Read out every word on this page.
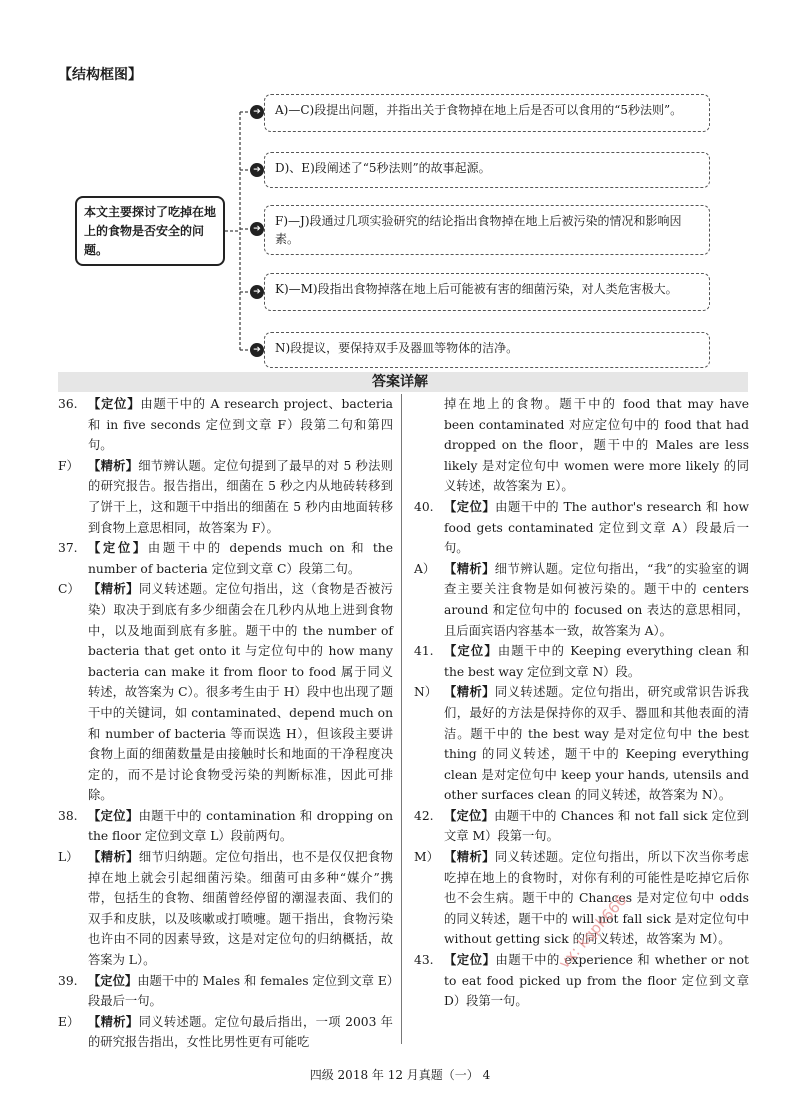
【结构框图】
本文主要探讨了吃掉在地上的食物是否安全的问题。
➔	A)—C)段提出问题，并指出关于食物掉在地上后是否可以食用的“5秒法则”。
➔	D)、E)段阐述了“5秒法则”的故事起源。
➔
F)—J)段通过几项实验研究的结论指出食物掉在地上后被污染的情况和影响因素。
➔	K)—M)段指出食物掉落在地上后可能被有害的细菌污染，对人类危害极大。
➔	N)段提议，要保持双手及器皿等物体的洁净。
答案详解
36. 【定位】由题干中的 A research project、bacteria 和 in five seconds 定位到文章 F）段第二句和第四句。
F） 【精析】细节辨认题。定位句提到了最早的对 5 秒法则的研究报告。报告指出，细菌在 5 秒之内从地砖转移到了饼干上，这和题干中指出的细菌在 5 秒内由地面转移到食物上意思相同，故答案为 F）。
37. 【定位】由题干中的 depends much on 和 the number of bacteria 定位到文章 C）段第二句。
C） 【精析】同义转述题。定位句指出，这（食物是否被污染）取决于到底有多少细菌会在几秒内从地上进到食物中，以及地面到底有多脏。题干中的 the number of bacteria that get onto it 与定位句中的 how many bacteria can make it from floor to food 属于同义转述，故答案为 C）。很多考生由于 H）段中也出现了题干中的关键词，如 contaminated、depend much on 和 number of bacteria 等而误选 H），但该段主要讲食物上面的细菌数量是由接触时长和地面的干净程度决定的，而不是讨论食物受污染的判断标准，因此可排除。
38. 【定位】由题干中的 contamination 和 dropping on the floor 定位到文章 L）段前两句。
L） 【精析】细节归纳题。定位句指出，也不是仅仅把食物掉在地上就会引起细菌污染。细菌可由多种“媒介”携带，包括生的食物、细菌曾经停留的潮湿表面、我们的双手和皮肤，以及咳嗽或打喷嚏。题干指出，食物污染也许由不同的因素导致，这是对定位句的归纳概括，故答案为 L）。
39. 【定位】由题干中的 Males 和 females 定位到文章 E）段最后一句。
E） 【精析】同义转述题。定位句最后指出，一项 2003 年的研究报告指出，女性比男性更有可能吃
掉在地上的食物。题干中的 food that may have been contaminated 对应定位句中的 food that had dropped on the floor，题干中的 Males are less likely 是对定位句中 women were more likely 的同义转述，故答案为 E）。
40. 【定位】由题干中的 The author's research 和 how food gets contaminated 定位到文章 A）段最后一句。
A） 【精析】细节辨认题。定位句指出，“我”的实验室的调查主要关注食物是如何被污染的。题干中的 centers around 和定位句中的 focused on 表达的意思相同，且后面宾语内容基本一致，故答案为 A）。
41. 【定位】由题干中的 Keeping everything clean 和 the best way 定位到文章 N）段。
N） 【精析】同义转述题。定位句指出，研究或常识告诉我们，最好的方法是保持你的双手、器皿和其他表面的清洁。题干中的 the best way 是对定位句中 the best thing 的同义转述，题干中的 Keeping everything clean 是对定位句中 keep your hands, utensils and other surfaces clean 的同义转述，故答案为 N）。
42. 【定位】由题干中的 Chances 和 not fall sick 定位到文章 M）段第一句。
M） 【精析】同义转述题。定位句指出，所以下次当你考虑吃掉在地上的食物时，对你有利的可能性是吃掉它后你也不会生病。题干中的 Chances 是对定位句中 odds 的同义转述，题干中的 will not fall sick 是对定位句中 without getting sick 的同义转述，故答案为 M）。
43. 【定位】由题干中的 experience 和 whether or not to eat food picked up from the floor 定位到文章 D）段第一句。
四级 2018 年 12 月真题（一） 4
vx: kqpk666
